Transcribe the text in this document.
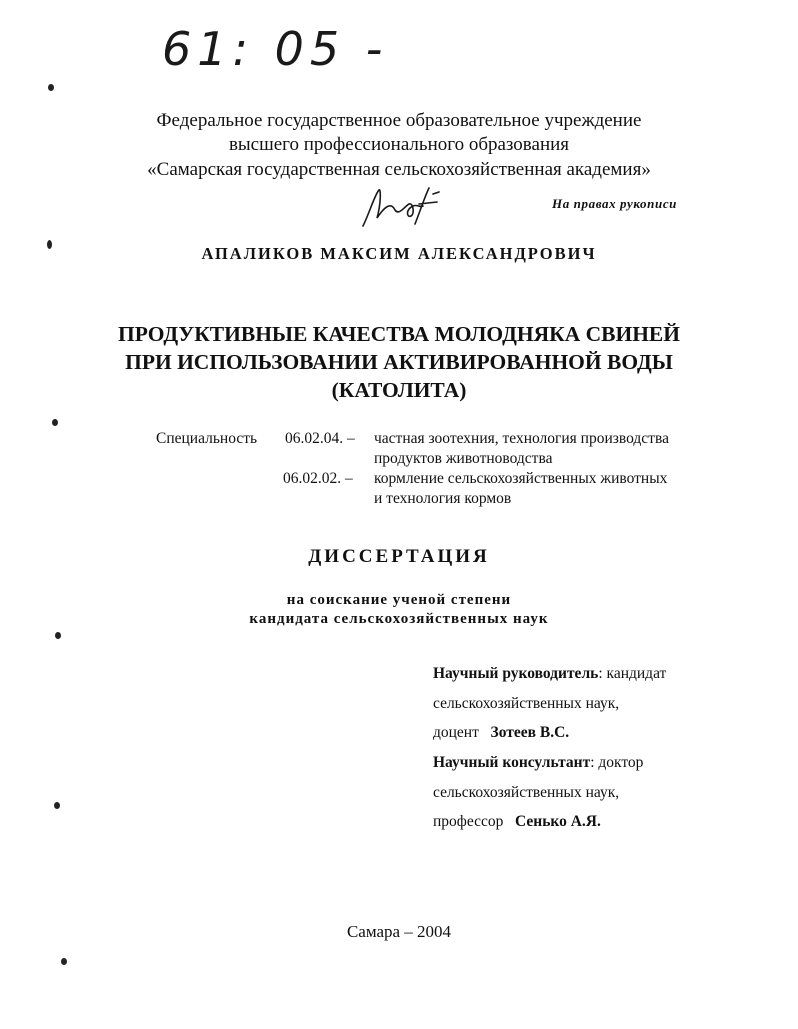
61: 05 -
Федеральное государственное образовательное учреждение
высшего профессионального образования
«Самарская государственная сельскохозяйственная академия»
На правах рукописи
АПАЛИКОВ МАКСИМ АЛЕКСАНДРОВИЧ
ПРОДУКТИВНЫЕ КАЧЕСТВА МОЛОДНЯКА СВИНЕЙ
ПРИ ИСПОЛЬЗОВАНИИ АКТИВИРОВАННОЙ ВОДЫ
(КАТОЛИТА)
Специальность 06.02.04. – частная зоотехния, технология производства
продуктов животноводства
06.02.02. – кормление сельскохозяйственных животных
и технология кормов
ДИССЕРТАЦИЯ
на соискание ученой степени
кандидата сельскохозяйственных наук
Научный руководитель: кандидат
сельскохозяйственных наук,
доцент Зотеев В.С.
Научный консультант: доктор
сельскохозяйственных наук,
профессор Сенько А.Я.
Самара – 2004
